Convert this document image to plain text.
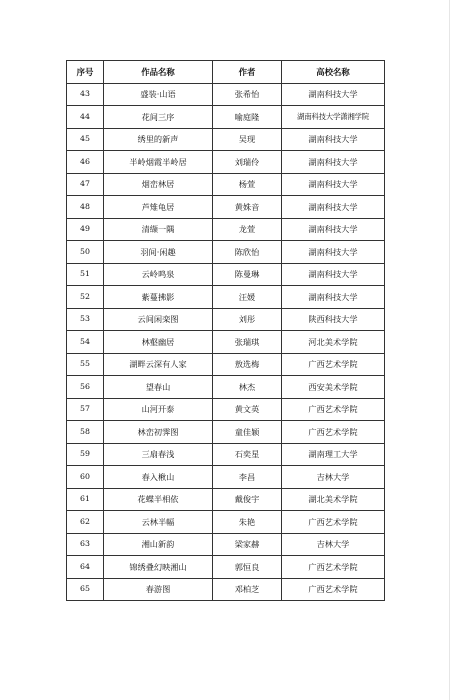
序号	作品名称	作者	高校名称
43	盛装·山语	张希怡	湖南科技大学
44	花间三序	喻庭隆	湖南科技大学潇湘学院
45	绣里的新声	吴现	湖南科技大学
46	半岭烟霞半岭居	刘瑞伶	湖南科技大学
47	烟峦林居	杨萱	湖南科技大学
48	芦雉龟居	黄姝音	湖南科技大学
49	清缬一隅	龙萱	湖南科技大学
50	羽间·闲趣	陈欣怡	湖南科技大学
51	云岭鸣泉	陈曼琳	湖南科技大学
52	紫蔓拂影	汪媛	湖南科技大学
53	云间闲栾图	刘彤	陕西科技大学
54	林壑幽居	张瑞琪	河北美术学院
55	湖畔云深有人家	敖选梅	广西艺术学院
56	望春山	林杰	西安美术学院
57	山河开泰	黄文英	广西艺术学院
58	林峦初霁图	童佳颖	广西艺术学院
59	三扇春浅	石奕星	湖南理工大学
60	春入楸山	李昌	吉林大学
61	花蝶半相依	戴俊宇	湖北美术学院
62	云林半幅	朱艳	广西艺术学院
63	湘山新韵	梁家赫	吉林大学
64	锦绣叠幻映湘山	郭恒良	广西艺术学院
65	春游图	邓柏芝	广西艺术学院
